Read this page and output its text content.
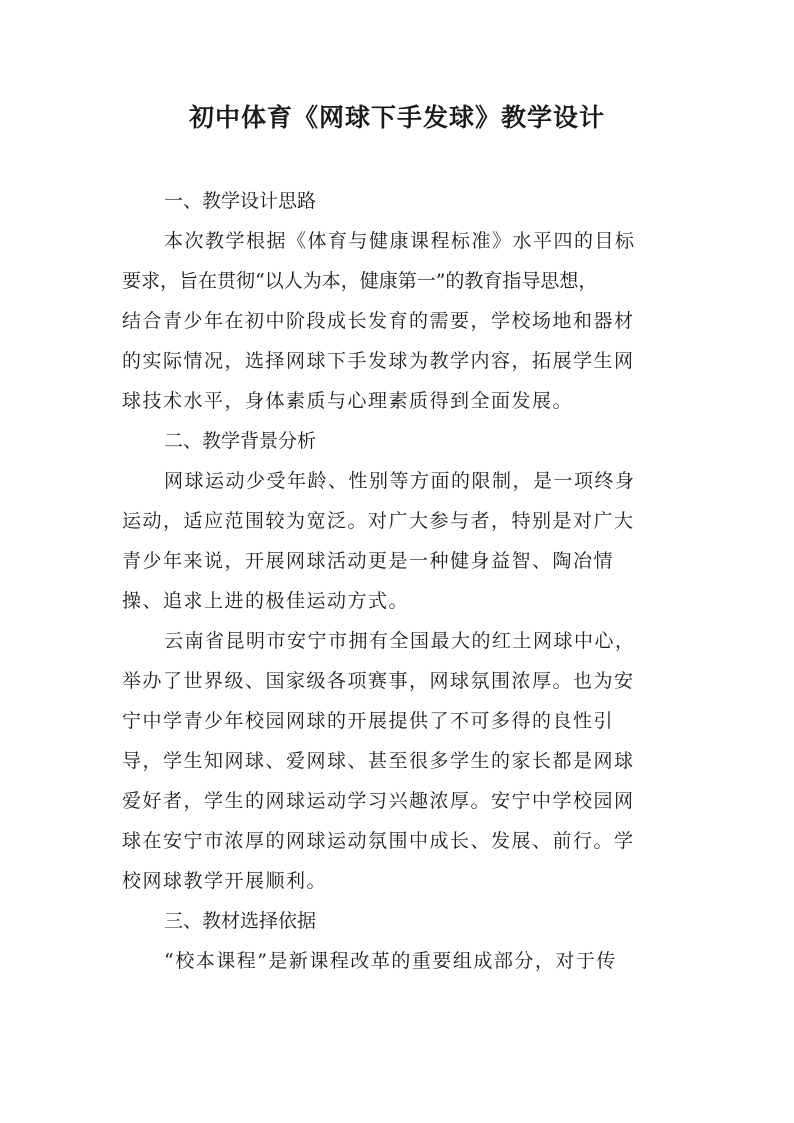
初中体育《网球下手发球》教学设计
一、教学设计思路
本次教学根据《体育与健康课程标准》水平四的目标
要求，旨在贯彻“以人为本，健康第一”的教育指导思想，
结合青少年在初中阶段成长发育的需要，学校场地和器材
的实际情况，选择网球下手发球为教学内容，拓展学生网
球技术水平，身体素质与心理素质得到全面发展。
二、教学背景分析
网球运动少受年龄、性别等方面的限制，是一项终身
运动，适应范围较为宽泛。对广大参与者，特别是对广大
青少年来说，开展网球活动更是一种健身益智、陶冶情
操、追求上进的极佳运动方式。
云南省昆明市安宁市拥有全国最大的红土网球中心，
举办了世界级、国家级各项赛事，网球氛围浓厚。也为安
宁中学青少年校园网球的开展提供了不可多得的良性引
导，学生知网球、爱网球、甚至很多学生的家长都是网球
爱好者，学生的网球运动学习兴趣浓厚。安宁中学校园网
球在安宁市浓厚的网球运动氛围中成长、发展、前行。学
校网球教学开展顺利。
三、教材选择依据
“校本课程”是新课程改革的重要组成部分，对于传
